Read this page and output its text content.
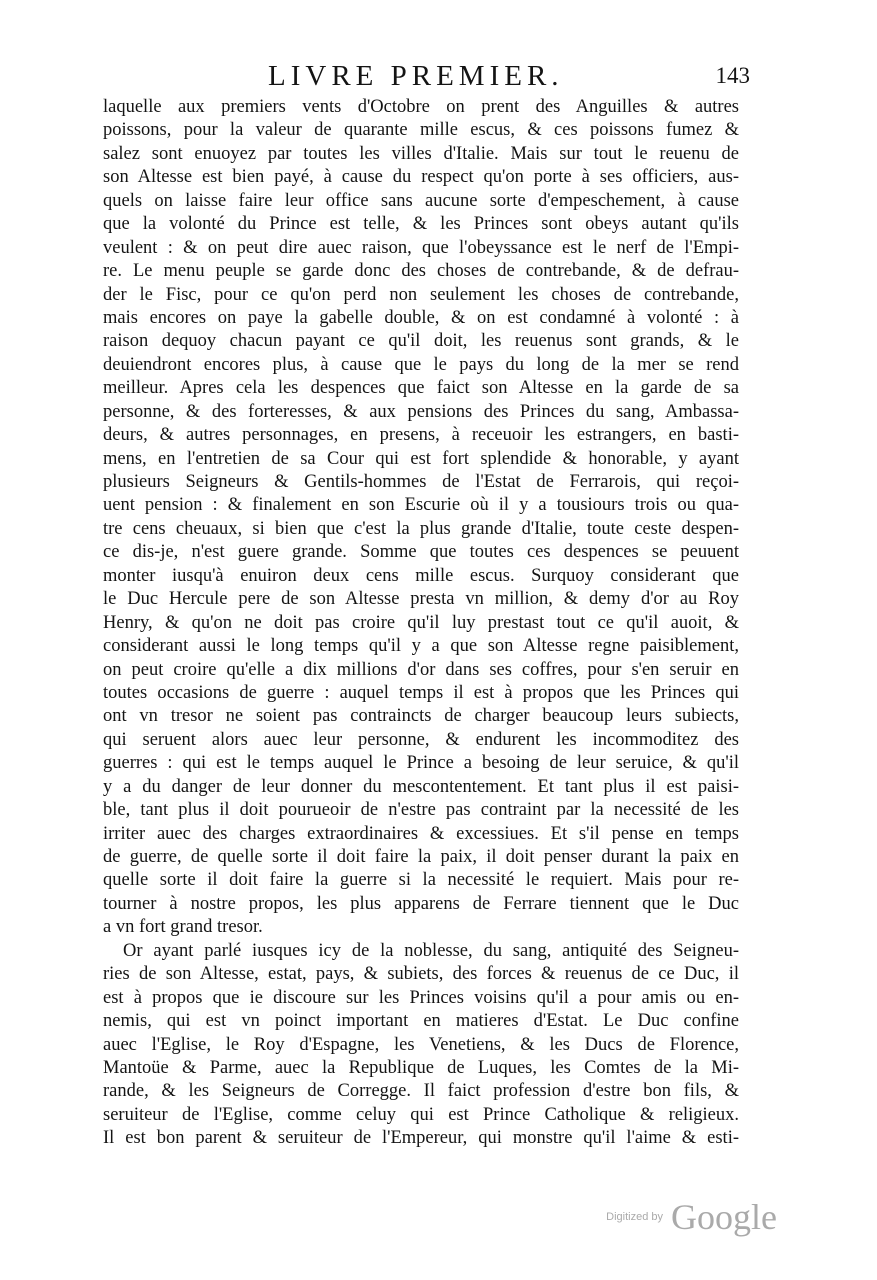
LIVRE PREMIER.	143
laquelle aux premiers vents d'Octobre on prent des Anguilles & autres
poissons, pour la valeur de quarante mille escus, & ces poissons fumez &
salez sont enuoyez par toutes les villes d'Italie. Mais sur tout le reuenu de
son Altesse est bien payé, à cause du respect qu'on porte à ses officiers, aus-
quels on laisse faire leur office sans aucune sorte d'empeschement, à cause
que la volonté du Prince est telle, & les Princes sont obeys autant qu'ils
veulent : & on peut dire auec raison, que l'obeyssance est le nerf de l'Empi-
re. Le menu peuple se garde donc des choses de contrebande, & de defrau-
der le Fisc, pour ce qu'on perd non seulement les choses de contrebande,
mais encores on paye la gabelle double, & on est condamné à volonté : à
raison dequoy chacun payant ce qu'il doit, les reuenus sont grands, & le
deuiendront encores plus, à cause que le pays du long de la mer se rend
meilleur. Apres cela les despences que faict son Altesse en la garde de sa
personne, & des forteresses, & aux pensions des Princes du sang, Ambassa-
deurs, & autres personnages, en presens, à receuoir les estrangers, en basti-
mens, en l'entretien de sa Cour qui est fort splendide & honorable, y ayant
plusieurs Seigneurs & Gentils-hommes de l'Estat de Ferrarois, qui reçoi-
uent pension : & finalement en son Escurie où il y a tousiours trois ou qua-
tre cens cheuaux, si bien que c'est la plus grande d'Italie, toute ceste despen-
ce dis-je, n'est guere grande. Somme que toutes ces despences se peuuent
monter iusqu'à enuiron deux cens mille escus. Surquoy considerant que
le Duc Hercule pere de son Altesse presta vn million, & demy d'or au Roy
Henry, & qu'on ne doit pas croire qu'il luy prestast tout ce qu'il auoit, &
considerant aussi le long temps qu'il y a que son Altesse regne paisiblement,
on peut croire qu'elle a dix millions d'or dans ses coffres, pour s'en seruir en
toutes occasions de guerre : auquel temps il est à propos que les Princes qui
ont vn tresor ne soient pas contraincts de charger beaucoup leurs subiects,
qui seruent alors auec leur personne, & endurent les incommoditez des
guerres : qui est le temps auquel le Prince a besoing de leur seruice, & qu'il
y a du danger de leur donner du mescontentement. Et tant plus il est paisi-
ble, tant plus il doit pourueoir de n'estre pas contraint par la necessité de les
irriter auec des charges extraordinaires & excessiues. Et s'il pense en temps
de guerre, de quelle sorte il doit faire la paix, il doit penser durant la paix en
quelle sorte il doit faire la guerre si la necessité le requiert. Mais pour re-
tourner à nostre propos, les plus apparens de Ferrare tiennent que le Duc
a vn fort grand tresor.
Or ayant parlé iusques icy de la noblesse, du sang, antiquité des Seigneu-
ries de son Altesse, estat, pays, & subiets, des forces & reuenus de ce Duc, il
est à propos que ie discoure sur les Princes voisins qu'il a pour amis ou en-
nemis, qui est vn poinct important en matieres d'Estat. Le Duc confine
auec l'Eglise, le Roy d'Espagne, les Venetiens, & les Ducs de Florence,
Mantoüe & Parme, auec la Republique de Luques, les Comtes de la Mi-
rande, & les Seigneurs de Corregge. Il faict profession d'estre bon fils, &
seruiteur de l'Eglise, comme celuy qui est Prince Catholique & religieux.
Il est bon parent & seruiteur de l'Empereur, qui monstre qu'il l'aime & esti-
Digitized by Google
